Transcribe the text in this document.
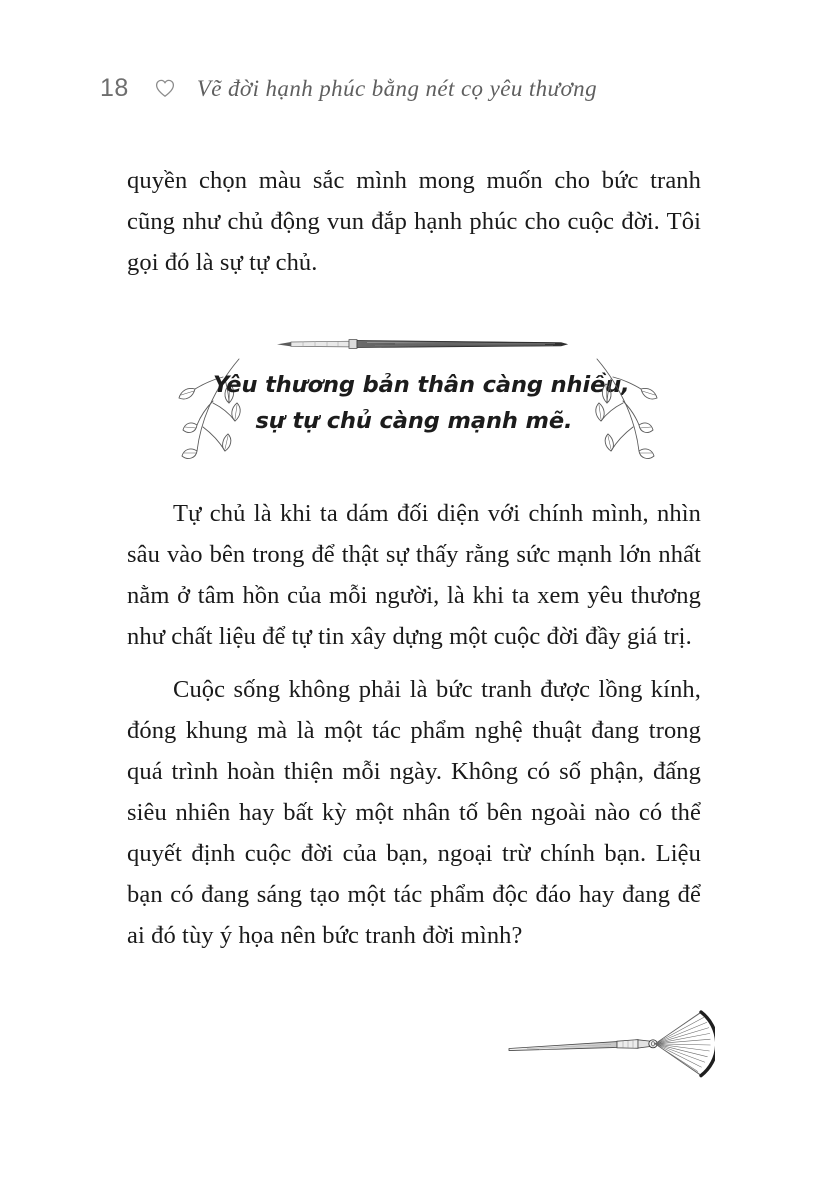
18	Vẽ đời hạnh phúc bằng nét cọ yêu thương

quyền chọn màu sắc mình mong muốn cho bức tranh cũng như chủ động vun đắp hạnh phúc cho cuộc đời. Tôi gọi đó là sự tự chủ.

Yêu thương bản thân càng nhiều,
sự tự chủ càng mạnh mẽ.

Tự chủ là khi ta dám đối diện với chính mình, nhìn sâu vào bên trong để thật sự thấy rằng sức mạnh lớn nhất nằm ở tâm hồn của mỗi người, là khi ta xem yêu thương như chất liệu để tự tin xây dựng một cuộc đời đầy giá trị.

Cuộc sống không phải là bức tranh được lồng kính, đóng khung mà là một tác phẩm nghệ thuật đang trong quá trình hoàn thiện mỗi ngày. Không có số phận, đấng siêu nhiên hay bất kỳ một nhân tố bên ngoài nào có thể quyết định cuộc đời của bạn, ngoại trừ chính bạn. Liệu bạn có đang sáng tạo một tác phẩm độc đáo hay đang để ai đó tùy ý họa nên bức tranh đời mình?
